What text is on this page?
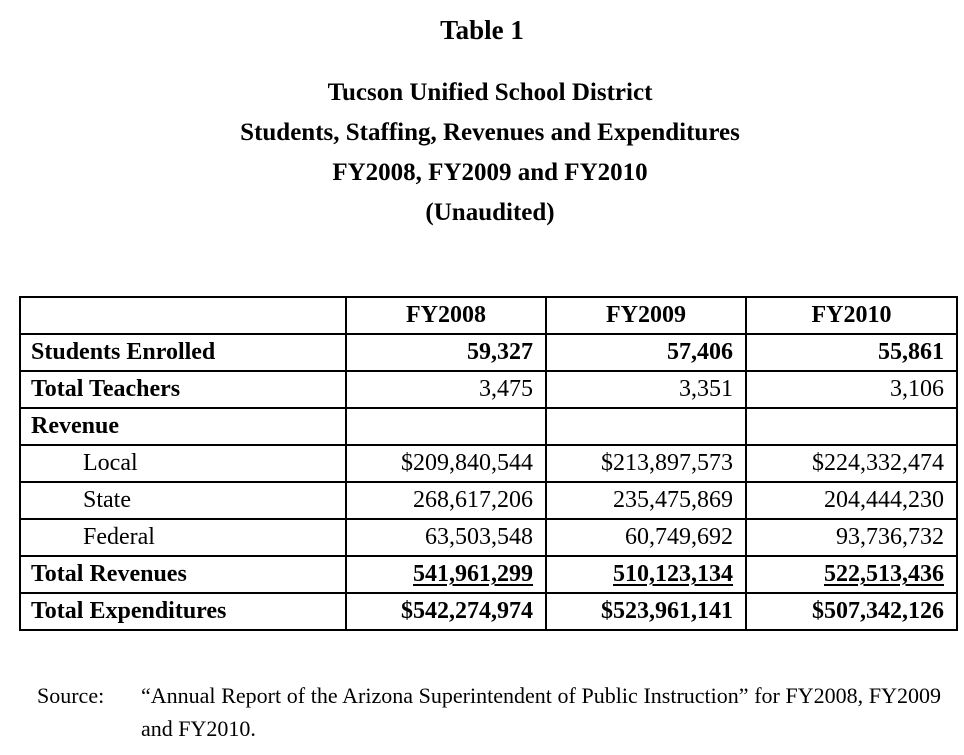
Table 1
Tucson Unified School District
Students, Staffing, Revenues and Expenditures
FY2008, FY2009 and FY2010
(Unaudited)
	FY2008	FY2009	FY2010
Students Enrolled	59,327	57,406	55,861
Total Teachers	3,475	3,351	3,106
Revenue			
Local	$209,840,544	$213,897,573	$224,332,474
State	268,617,206	235,475,869	204,444,230
Federal	63,503,548	60,749,692	93,736,732
Total Revenues	541,961,299	510,123,134	522,513,436
Total Expenditures	$542,274,974	$523,961,141	$507,342,126
Source: “Annual Report of the Arizona Superintendent of Public Instruction” for FY2008, FY2009 and FY2010.
